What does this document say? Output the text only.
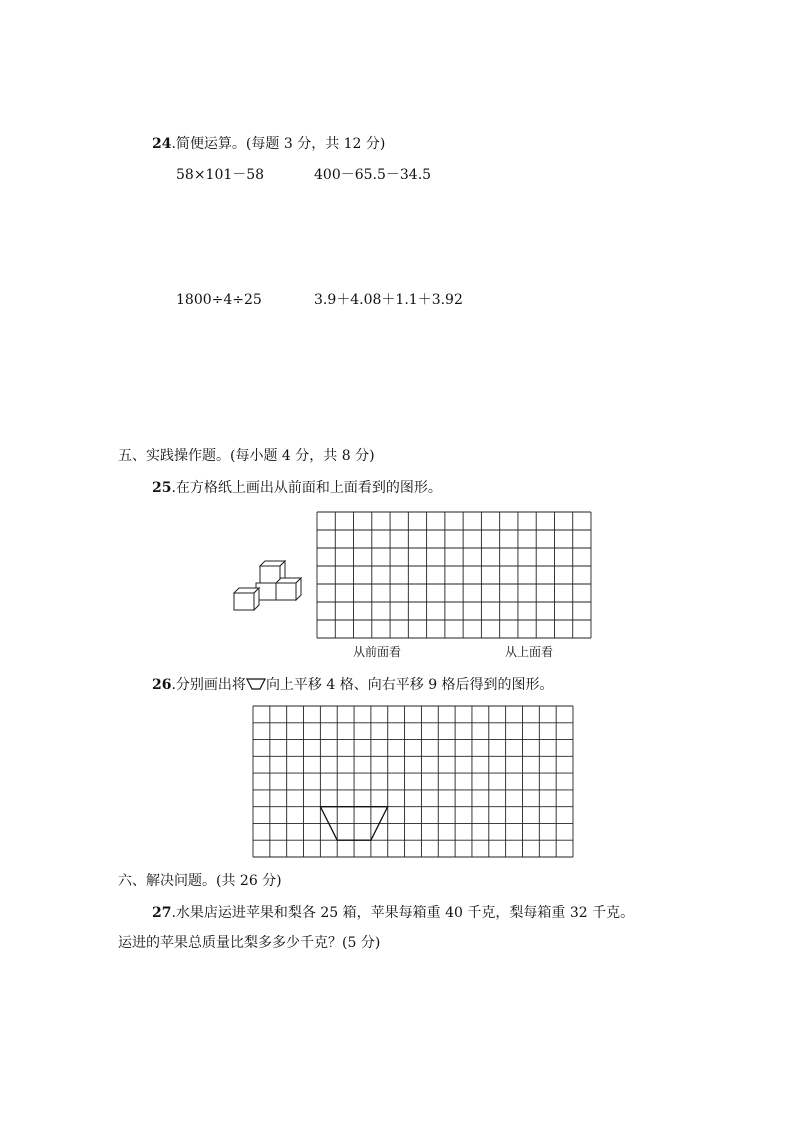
24.简便运算。(每题 3 分，共 12 分)
58×101－58	400－65.5－34.5
1800÷4÷25	3.9＋4.08＋1.1＋3.92
五、实践操作题。(每小题 4 分，共 8 分)
25.在方格纸上画出从前面和上面看到的图形。
从前面看	从上面看
26.分别画出将 向上平移 4 格、向右平移 9 格后得到的图形。
六、解决问题。(共 26 分)
27.水果店运进苹果和梨各 25 箱，苹果每箱重 40 千克，梨每箱重 32 千克。
运进的苹果总质量比梨多多少千克？(5 分)
